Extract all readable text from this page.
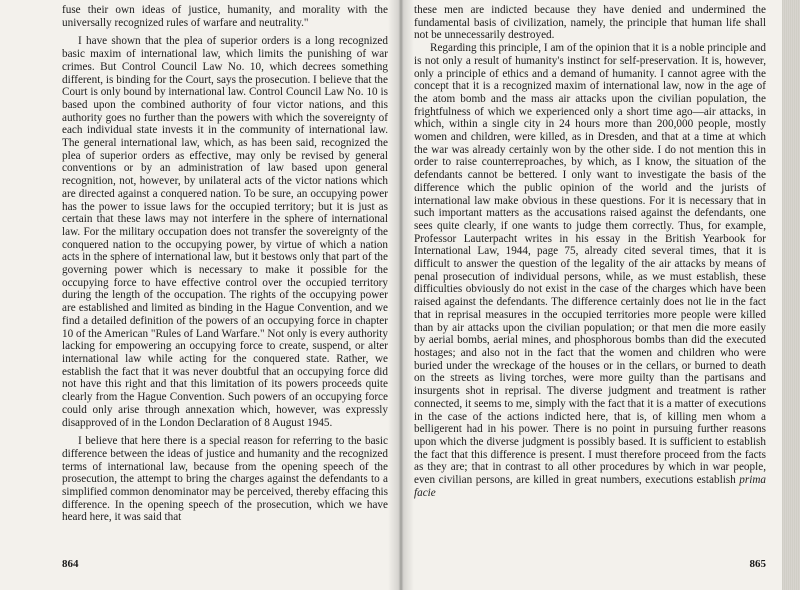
fuse their own ideas of justice, humanity, and morality with the universally recognized rules of warfare and neutrality."

I have shown that the plea of superior orders is a long recognized basic maxim of international law, which limits the punishing of war crimes. But Control Council Law No. 10, which decrees something different, is binding for the Court, says the prosecution. I believe that the Court is only bound by international law. Control Council Law No. 10 is based upon the combined authority of four victor nations, and this authority goes no further than the powers with which the sovereignty of each individual state invests it in the community of international law. The general international law, which, as has been said, recognized the plea of superior orders as effective, may only be revised by general conventions or by an administration of law based upon general recognition, not, however, by unilateral acts of the victor nations which are directed against a conquered nation. To be sure, an occupying power has the power to issue laws for the occupied territory; but it is just as certain that these laws may not interfere in the sphere of international law. For the military occupation does not transfer the sovereignty of the conquered nation to the occupying power, by virtue of which a nation acts in the sphere of international law, but it bestows only that part of the governing power which is necessary to make it possible for the occupying force to have effective control over the occupied territory during the length of the occupation. The rights of the occupying power are established and limited as binding in the Hague Convention, and we find a detailed definition of the powers of an occupying force in chapter 10 of the American "Rules of Land Warfare." Not only is every authority lacking for empowering an occupying force to create, suspend, or alter international law while acting for the conquered state. Rather, we establish the fact that it was never doubtful that an occupying force did not have this right and that this limitation of its powers proceeds quite clearly from the Hague Convention. Such powers of an occupying force could only arise through annexation which, however, was expressly disapproved of in the London Declaration of 8 August 1945.

I believe that here there is a special reason for referring to the basic difference between the ideas of justice and humanity and the recognized terms of international law, because from the opening speech of the prosecution, the attempt to bring the charges against the defendants to a simplified common denominator may be perceived, thereby effacing this difference. In the opening speech of the prosecution, which we have heard here, it was said that

864

these men are indicted because they have denied and undermined the fundamental basis of civilization, namely, the principle that human life shall not be unnecessarily destroyed.

Regarding this principle, I am of the opinion that it is a noble principle and is not only a result of humanity's instinct for self-preservation. It is, however, only a principle of ethics and a demand of humanity. I cannot agree with the concept that it is a recognized maxim of international law, now in the age of the atom bomb and the mass air attacks upon the civilian population, the frightfulness of which we experienced only a short time ago—air attacks, in which, within a single city in 24 hours more than 200,000 people, mostly women and children, were killed, as in Dresden, and that at a time at which the war was already certainly won by the other side. I do not mention this in order to raise counterreproaches, by which, as I know, the situation of the defendants cannot be bettered. I only want to investigate the basis of the difference which the public opinion of the world and the jurists of international law make obvious in these questions. For it is necessary that in such important matters as the accusations raised against the defendants, one sees quite clearly, if one wants to judge them correctly. Thus, for example, Professor Lauterpacht writes in his essay in the British Yearbook for International Law, 1944, page 75, already cited several times, that it is difficult to answer the question of the legality of the air attacks by means of penal prosecution of individual persons, while, as we must establish, these difficulties obviously do not exist in the case of the charges which have been raised against the defendants. The difference certainly does not lie in the fact that in reprisal measures in the occupied territories more people were killed than by air attacks upon the civilian population; or that men die more easily by aerial bombs, aerial mines, and phosphorous bombs than did the executed hostages; and also not in the fact that the women and children who were buried under the wreckage of the houses or in the cellars, or burned to death on the streets as living torches, were more guilty than the partisans and insurgents shot in reprisal. The diverse judgment and treatment is rather connected, it seems to me, simply with the fact that it is a matter of executions in the case of the actions indicted here, that is, of killing men whom a belligerent had in his power. There is no point in pursuing further reasons upon which the diverse judgment is possibly based. It is sufficient to establish the fact that this difference is present. I must therefore proceed from the facts as they are; that in contrast to all other procedures by which in war people, even civilian persons, are killed in great numbers, executions establish prima facie

865
